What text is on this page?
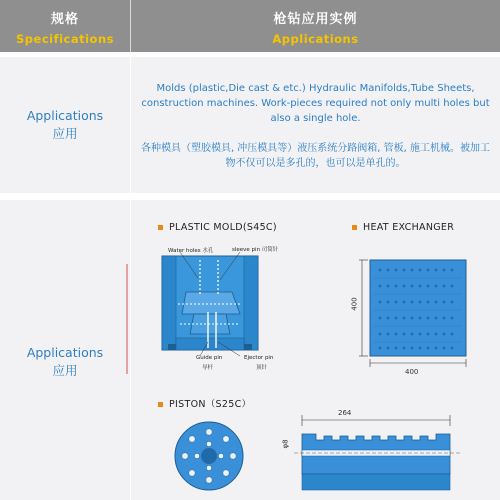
规格
Specifications
枪钻应用实例
Applications
Applications
应用
Molds (plastic,Die cast & etc.) Hydraulic Manifolds,Tube Sheets, construction machines. Work-pieces required not only multi holes but also a single hole.
各种模具（塑胶模具, 冲压模具等）液压系统分路阀箱, 管板, 施工机械。被加工物不仅可以是多孔的，也可以是单孔的。
Applications
应用
PLASTIC MOLD(S45C)
Water holes 水孔	sleeve pin 司筒针
Guide pin
导杆
Ejector pin
顶针
HEAT EXCHANGER
400
400
PISTON（S25C）
264
φ8
